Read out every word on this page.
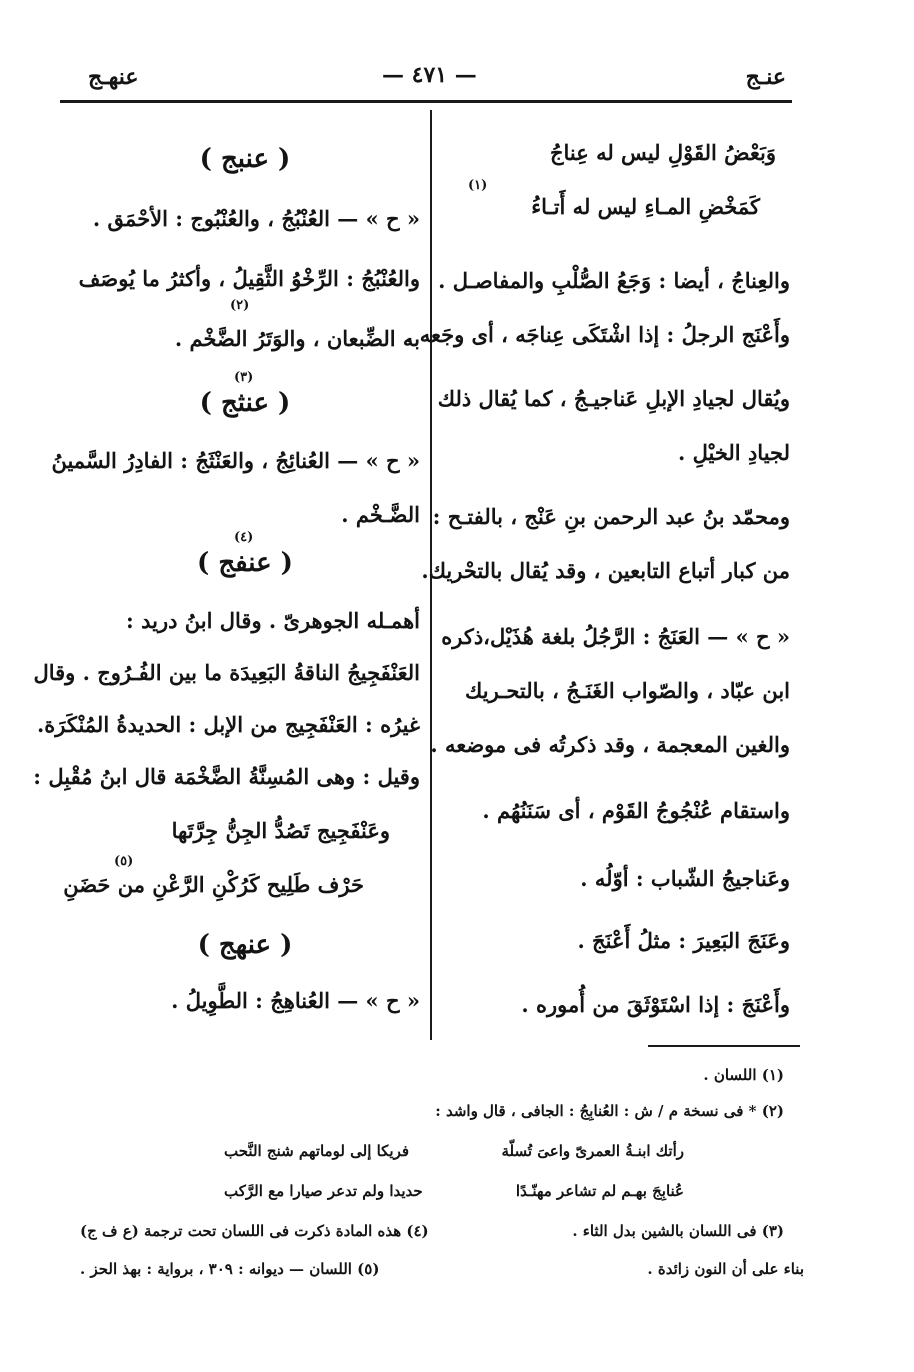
عنـج
— ٤٧١ —
عنهـج
وَبَعْضُ القَوْلِ ليس له عِناجُ
كَمَخْضِ المـاءِ ليس له أَتـاءُ
(١)
والعِناجُ ، أيضا : وَجَعُ الصُّلْبِ والمفاصـل .
وأَعْنَج الرجلُ : إذا اشْتَكَى عِناجَه ، أى وجَعه .
ويُقال لجيادِ الإبلِ عَناجيـجُ ، كما يُقال ذلك
لجيادِ الخيْلِ .
ومحمّد بنُ عبد الرحمن بنِ عَنْج ، بالفتـح :
من كبار أتباع التابعين ، وقد يُقال بالتحْريك.
« ح » — العَنَجُ : الرَّجُلُ بلغة هُذَيْل،ذكره
ابن عبّاد ، والصّواب الغَنَـجُ ، بالتحـريك
والغين المعجمة ، وقد ذكرتُه فى موضعه .
واستقام عُنْجُوجُ القَوْم ، أى سَنَنُهُم .
وعَناجيجُ الشّباب : أوّلُه .
وعَنَجَ البَعِيرَ : مثلُ أَعْنَجَ .
وأَعْنَجَ : إذا اسْتَوْثَقَ من أُموره .
( عنبج )
« ح » — العُنْبُجُ ، والعُنْبُوج : الأحْمَق .
والعُنْبُجُ : الرِّخْوُ الثَّقِيلُ ، وأكثرُ ما يُوصَف
به الضِّبعان ، والوَتَرُ الضَّخْم .
(٢)
( عنثج )
(٣)
« ح » — العُنائِجُ ، والعَنْثَجُ : الفادِرُ السَّمينُ
الضَّـخْم .
( عنفج )
(٤)
أهمـله الجوهرىّ . وقال ابنُ دريد :
العَنْفَجِيجُ الناقةُ البَعِيدَة ما بين الفُـرُوج . وقال
غيرُه : العَنْفَجِيج من الإبل : الحديدةُ المُنْكَرَة.
وقيل : وهى المُسِنَّةُ الضَّخْمَة قال ابنُ مُقْبِل :
وعَنْفَجِيج تَصُدُّ الجِنُّ جِرَّتَها
حَرْف طَلِيح كَرُكْنِ الرَّعْنِ من حَضَنِ
(٥)
( عنهج )
« ح » — العُناهِجُ : الطَّوِيلُ .
(١) اللسان .
(٢) * فى نسخة م / ش : العُنابِجُ : الجافى ، قال واشد :
رأتك ابنـةُ العمرىّ واعىَ تُسلّة
فريكا إلى لوماتهم شنج النَّحب
عُنابِجَ بهـم لم تشاعر مهنّـدًا
حديدا ولم تدعر صيارا مع الرَّكب
(٣) فى اللسان بالشين بدل الثاء .
(٤) هذه المادة ذكرت فى اللسان تحت ترجمة (ع ف ج)
بناء على أن النون زائدة .
(٥) اللسان — ديوانه : ٣٠٩ ، برواية : بهذ الحز .
